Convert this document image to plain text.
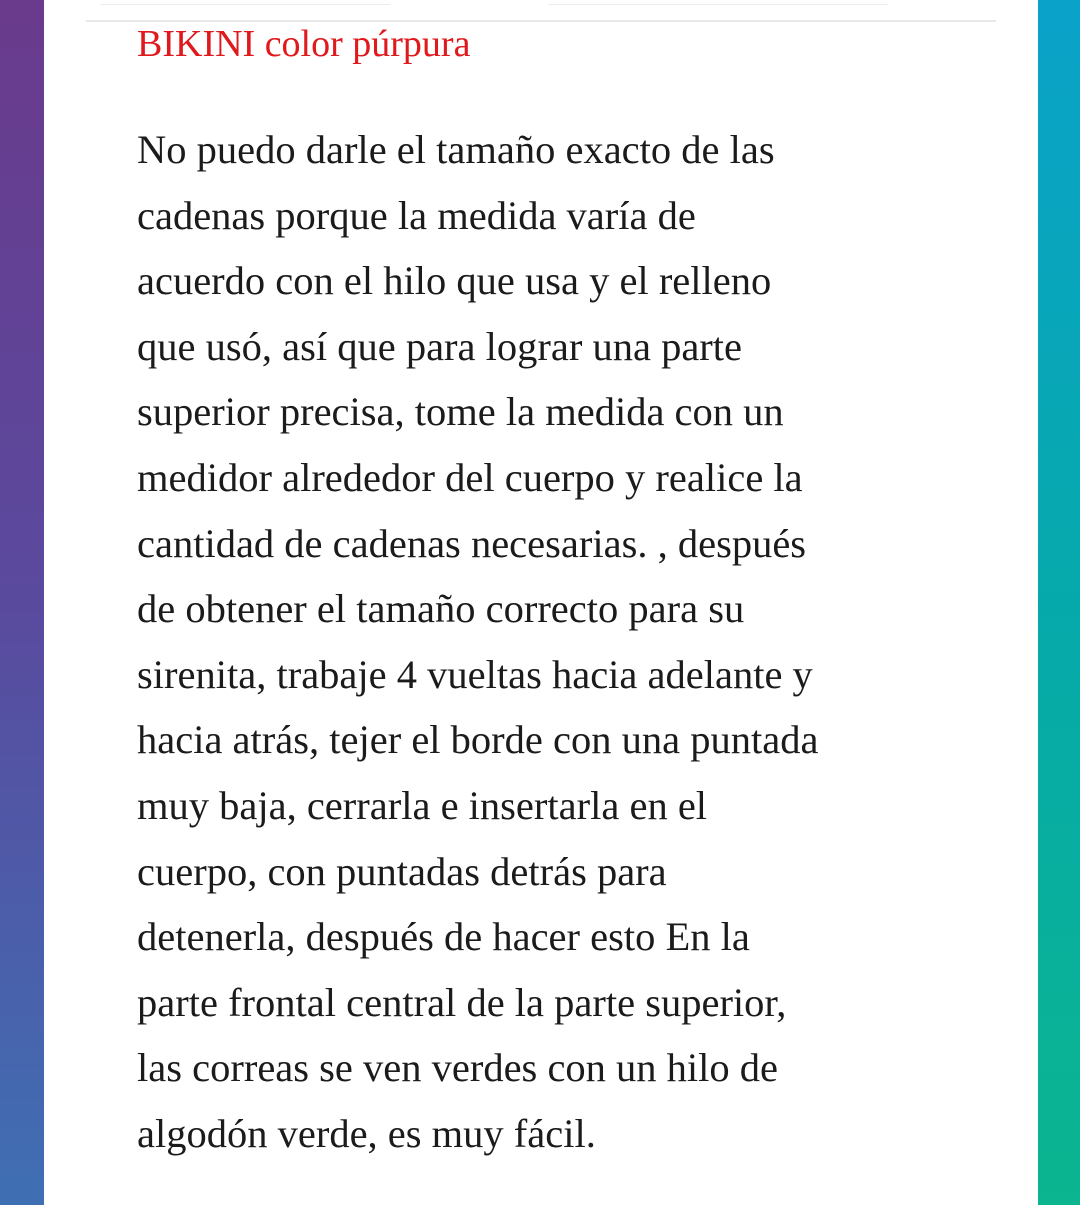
BIKINI color púrpura

No puedo darle el tamaño exacto de las
cadenas porque la medida varía de
acuerdo con el hilo que usa y el relleno
que usó, así que para lograr una parte
superior precisa, tome la medida con un
medidor alrededor del cuerpo y realice la
cantidad de cadenas necesarias. , después
de obtener el tamaño correcto para su
sirenita, trabaje 4 vueltas hacia adelante y
hacia atrás, tejer el borde con una puntada
muy baja, cerrarla e insertarla en el
cuerpo, con puntadas detrás para
detenerla, después de hacer esto En la
parte frontal central de la parte superior,
las correas se ven verdes con un hilo de
algodón verde, es muy fácil.
